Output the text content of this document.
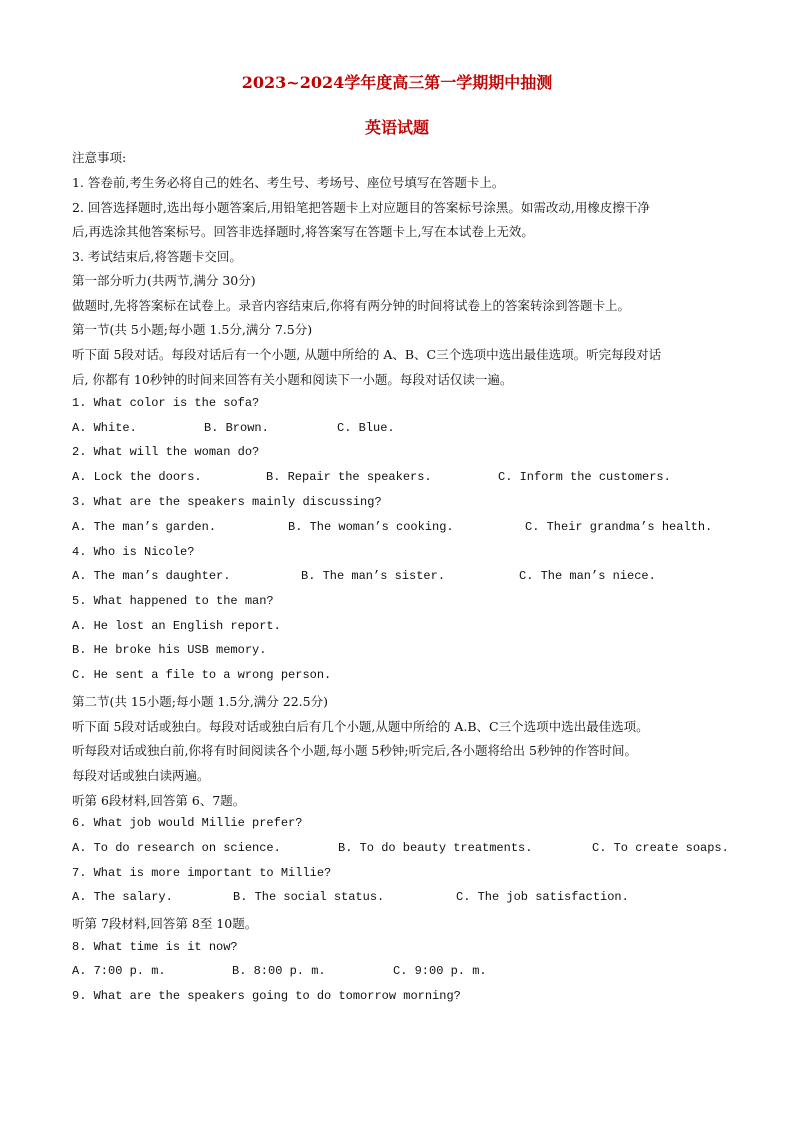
2023~2024学年度高三第一学期期中抽测
英语试题
注意事项:
1. 答卷前,考生务必将自己的姓名、考生号、考场号、座位号填写在答题卡上。
2. 回答选择题时,选出每小题答案后,用铅笔把答题卡上对应题目的答案标号涂黑。如需改动,用橡皮擦干净
后,再选涂其他答案标号。回答非选择题时,将答案写在答题卡上,写在本试卷上无效。
3. 考试结束后,将答题卡交回。
第一部分听力(共两节,满分 30分)
做题时,先将答案标在试卷上。录音内容结束后,你将有两分钟的时间将试卷上的答案转涂到答题卡上。
第一节(共 5小题;每小题 1.5分,满分 7.5分)
听下面 5段对话。每段对话后有一个小题, 从题中所给的 A、B、C三个选项中选出最佳选项。听完每段对话
后, 你都有 10秒钟的时间来回答有关小题和阅读下一小题。每段对话仅读一遍。
1. What color is the sofa?
A. White.	B. Brown.	C. Blue.
2. What will the woman do?
A. Lock the doors.	B. Repair the speakers.	C. Inform the customers.
3. What are the speakers mainly discussing?
A. The man’s garden.	B. The woman’s cooking.	C. Their grandma’s health.
4. Who is Nicole?
A. The man’s daughter.	B. The man’s sister.	C. The man’s niece.
5. What happened to the man?
A. He lost an English report.
B. He broke his USB memory.
C. He sent a file to a wrong person.
第二节(共 15小题;每小题 1.5分,满分 22.5分)
听下面 5段对话或独白。每段对话或独白后有几个小题,从题中所给的 A.B、C三个选项中选出最佳选项。
听每段对话或独白前,你将有时间阅读各个小题,每小题 5秒钟;听完后,各小题将给出 5秒钟的作答时间。
每段对话或独白读两遍。
听第 6段材料,回答第 6、7题。
6. What job would Millie prefer?
A. To do research on science.	B. To do beauty treatments.	C. To create soaps.
7. What is more important to Millie?
A. The salary.	B. The social status.	C. The job satisfaction.
听第 7段材料,回答第 8至 10题。
8. What time is it now?
A. 7:00 p. m.	B. 8:00 p. m.	C. 9:00 p. m.
9. What are the speakers going to do tomorrow morning?
